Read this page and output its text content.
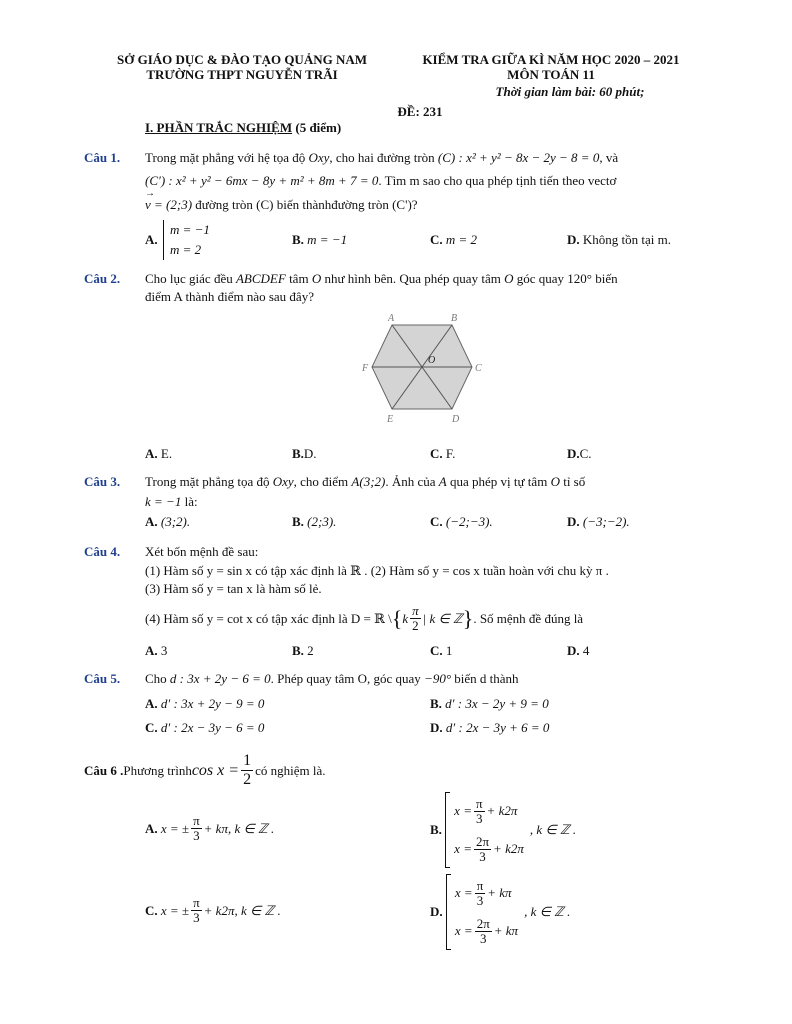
SỞ GIÁO DỤC & ĐÀO TẠO QUẢNG NAM
TRƯỜNG THPT NGUYỄN TRÃI
KIỂM TRA GIỮA KÌ NĂM HỌC 2020 – 2021
MÔN TOÁN 11
Thời gian làm bài: 60 phút;
ĐỀ: 231
I. PHẦN TRẮC NGHIỆM (5 điểm)
Câu 1. Trong mặt phẳng với hệ tọa độ Oxy, cho hai đường tròn (C) : x² + y² − 8x − 2y − 8 = 0, và
(C′) : x² + y² − 6mx − 8y + m² + 8m + 7 = 0. Tìm m sao cho qua phép tịnh tiến theo vectơ
→
v = (2;3) đường tròn (C) biến thànhđường tròn (C')?
A.
m = −1
m = 2
B. m = −1	C. m = 2	D. Không tồn tại m.
Câu 2. Cho lục giác đều ABCDEF tâm O như hình bên. Qua phép quay tâm O góc quay 120° biến
điểm A thành điểm nào sau đây?
A	B
C
D
E
F
O
A. E.	B.D.	C. F.	D.C.
Câu 3. Trong mặt phẳng tọa độ Oxy, cho điểm A(3;2). Ảnh của A qua phép vị tự tâm O tỉ số
k = −1 là:
A. (3;2).	B. (2;3).	C. (−2;−3).	D. (−3;−2).
Câu 4. Xét bốn mệnh đề sau:
(1) Hàm số y = sin x có tập xác định là ℝ . (2) Hàm số y = cos x tuần hoàn với chu kỳ π .
(3) Hàm số y = tan x là hàm số lẻ.
(4) Hàm số y = cot x có tập xác định là D = ℝ \ { k $\frac{\pi}{2}$ | k ∈ ℤ } . Số mệnh đề đúng là
A. 3	B. 2	C. 1	D. 4
Câu 5. Cho d : 3x + 2y − 6 = 0. Phép quay tâm O, góc quay −90° biến d thành
A. d′ : 3x + 2y − 9 = 0	B. d′ : 3x − 2y + 9 = 0
C. d′ : 2x − 3y − 6 = 0	D. d′ : 2x − 3y + 6 = 0
Câu 6 . Phương trình $\cos x = \frac{1}{2}$ có nghiệm là.
A.
x = ± $\frac{\pi}{3} + k\pi$, k ∈ ℤ .	B.

$x = \frac{\pi}{3} + k2\pi$
$x = \frac{2\pi}{3} + k2\pi$
, k ∈ ℤ .
C.
x = ± $\frac{\pi}{3} + k2\pi$, k ∈ ℤ .	D.

$x = \frac{\pi}{3} + k\pi$
$x = \frac{2\pi}{3} + k\pi$
, k ∈ ℤ .
